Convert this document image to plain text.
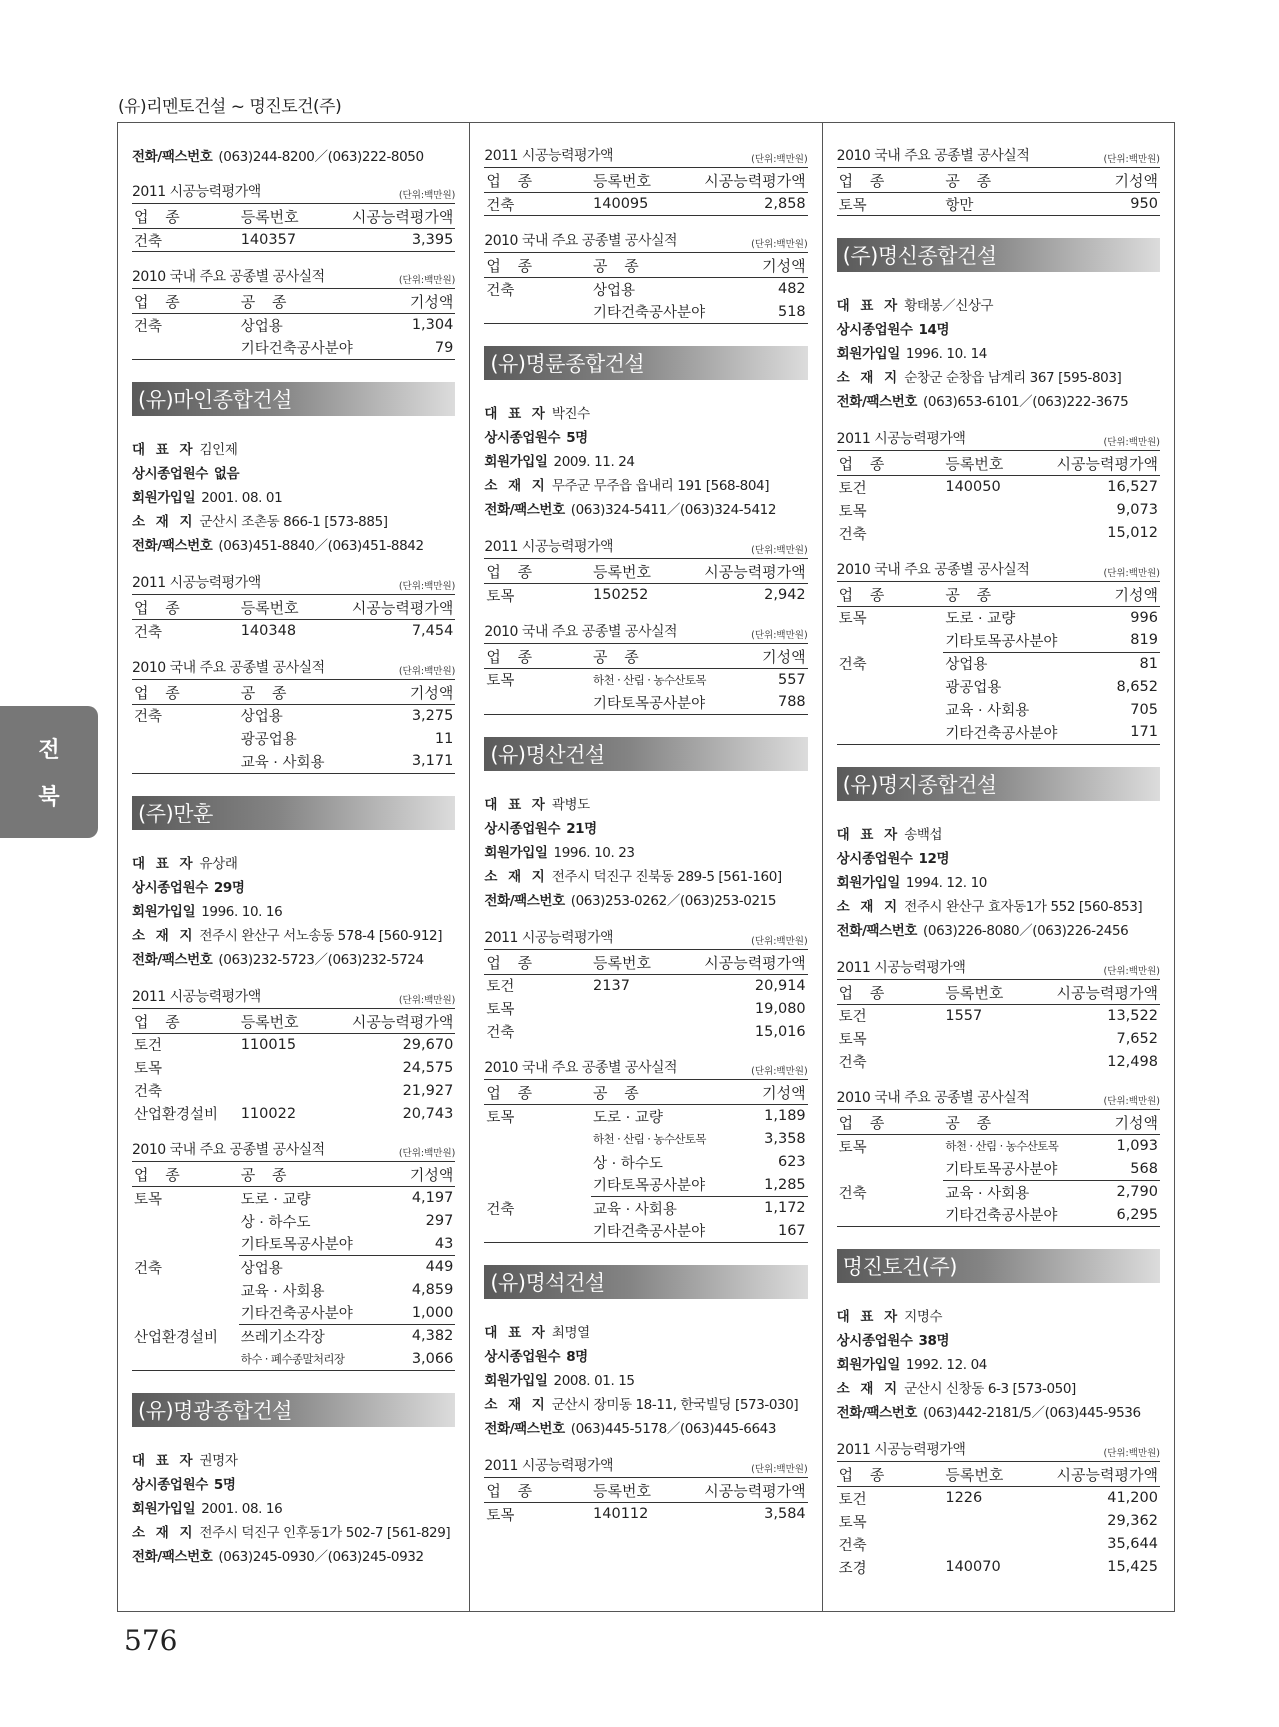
(유)리멘토건설 ~ 명진토건(주)
전
북
전화/팩스번호 (063)244-8200／(063)222-8050
2011 시공능력평가액	(단위:백만원)
업 종	등록번호	시공능력평가액
건축	140357	3,395
2010 국내 주요 공종별 공사실적	(단위:백만원)
업 종	공 종	기성액
건축	상업용	1,304
	기타건축공사분야	79
(유)마인종합건설
대 표 자 김인제
상시종업원수 없음
회원가입일 2001. 08. 01
소 재 지 군산시 조촌동 866-1 [573-885]
전화/팩스번호 (063)451-8840／(063)451-8842
2011 시공능력평가액	(단위:백만원)
업 종	등록번호	시공능력평가액
건축	140348	7,454
2010 국내 주요 공종별 공사실적	(단위:백만원)
업 종	공 종	기성액
건축	상업용	3,275
	광공업용	11
	교육 · 사회용	3,171
(주)만훈
대 표 자 유상래
상시종업원수 29명
회원가입일 1996. 10. 16
소 재 지 전주시 완산구 서노송동 578-4 [560-912]
전화/팩스번호 (063)232-5723／(063)232-5724
2011 시공능력평가액	(단위:백만원)
업 종	등록번호	시공능력평가액
토건	110015	29,670
토목		24,575
건축		21,927
산업환경설비	110022	20,743
2010 국내 주요 공종별 공사실적	(단위:백만원)
업 종	공 종	기성액
토목	도로 · 교량	4,197
	상 · 하수도	297
	기타토목공사분야	43
건축	상업용	449
	교육 · 사회용	4,859
	기타건축공사분야	1,000
산업환경설비	쓰레기소각장	4,382
	하수 · 폐수종말처리장	3,066
(유)명광종합건설
대 표 자 권명자
상시종업원수 5명
회원가입일 2001. 08. 16
소 재 지 전주시 덕진구 인후동1가 502-7 [561-829]
전화/팩스번호 (063)245-0930／(063)245-0932
2011 시공능력평가액	(단위:백만원)
업 종	등록번호	시공능력평가액
건축	140095	2,858
2010 국내 주요 공종별 공사실적	(단위:백만원)
업 종	공 종	기성액
건축	상업용	482
	기타건축공사분야	518
(유)명륜종합건설
대 표 자 박진수
상시종업원수 5명
회원가입일 2009. 11. 24
소 재 지 무주군 무주읍 읍내리 191 [568-804]
전화/팩스번호 (063)324-5411／(063)324-5412
2011 시공능력평가액	(단위:백만원)
업 종	등록번호	시공능력평가액
토목	150252	2,942
2010 국내 주요 공종별 공사실적	(단위:백만원)
업 종	공 종	기성액
토목	하천 · 산림 · 농수산토목	557
	기타토목공사분야	788
(유)명산건설
대 표 자 곽병도
상시종업원수 21명
회원가입일 1996. 10. 23
소 재 지 전주시 덕진구 진북동 289-5 [561-160]
전화/팩스번호 (063)253-0262／(063)253-0215
2011 시공능력평가액	(단위:백만원)
업 종	등록번호	시공능력평가액
토건	2137	20,914
토목		19,080
건축		15,016
2010 국내 주요 공종별 공사실적	(단위:백만원)
업 종	공 종	기성액
토목	도로 · 교량	1,189
	하천 · 산림 · 농수산토목	3,358
	상 · 하수도	623
	기타토목공사분야	1,285
건축	교육 · 사회용	1,172
	기타건축공사분야	167
(유)명석건설
대 표 자 최명열
상시종업원수 8명
회원가입일 2008. 01. 15
소 재 지 군산시 장미동 18-11, 한국빌딩 [573-030]
전화/팩스번호 (063)445-5178／(063)445-6643
2011 시공능력평가액	(단위:백만원)
업 종	등록번호	시공능력평가액
토목	140112	3,584
2010 국내 주요 공종별 공사실적	(단위:백만원)
업 종	공 종	기성액
토목	항만	950
(주)명신종합건설
대 표 자 황태봉／신상구
상시종업원수 14명
회원가입일 1996. 10. 14
소 재 지 순창군 순창읍 남계리 367 [595-803]
전화/팩스번호 (063)653-6101／(063)222-3675
2011 시공능력평가액	(단위:백만원)
업 종	등록번호	시공능력평가액
토건	140050	16,527
토목		9,073
건축		15,012
2010 국내 주요 공종별 공사실적	(단위:백만원)
업 종	공 종	기성액
토목	도로 · 교량	996
	기타토목공사분야	819
건축	상업용	81
	광공업용	8,652
	교육 · 사회용	705
	기타건축공사분야	171
(유)명지종합건설
대 표 자 송백섭
상시종업원수 12명
회원가입일 1994. 12. 10
소 재 지 전주시 완산구 효자동1가 552 [560-853]
전화/팩스번호 (063)226-8080／(063)226-2456
2011 시공능력평가액	(단위:백만원)
업 종	등록번호	시공능력평가액
토건	1557	13,522
토목		7,652
건축		12,498
2010 국내 주요 공종별 공사실적	(단위:백만원)
업 종	공 종	기성액
토목	하천 · 산림 · 농수산토목	1,093
	기타토목공사분야	568
건축	교육 · 사회용	2,790
	기타건축공사분야	6,295
명진토건(주)
대 표 자 지명수
상시종업원수 38명
회원가입일 1992. 12. 04
소 재 지 군산시 신창동 6-3 [573-050]
전화/팩스번호 (063)442-2181/5／(063)445-9536
2011 시공능력평가액	(단위:백만원)
업 종	등록번호	시공능력평가액
토건	1226	41,200
토목		29,362
건축		35,644
조경	140070	15,425
576
